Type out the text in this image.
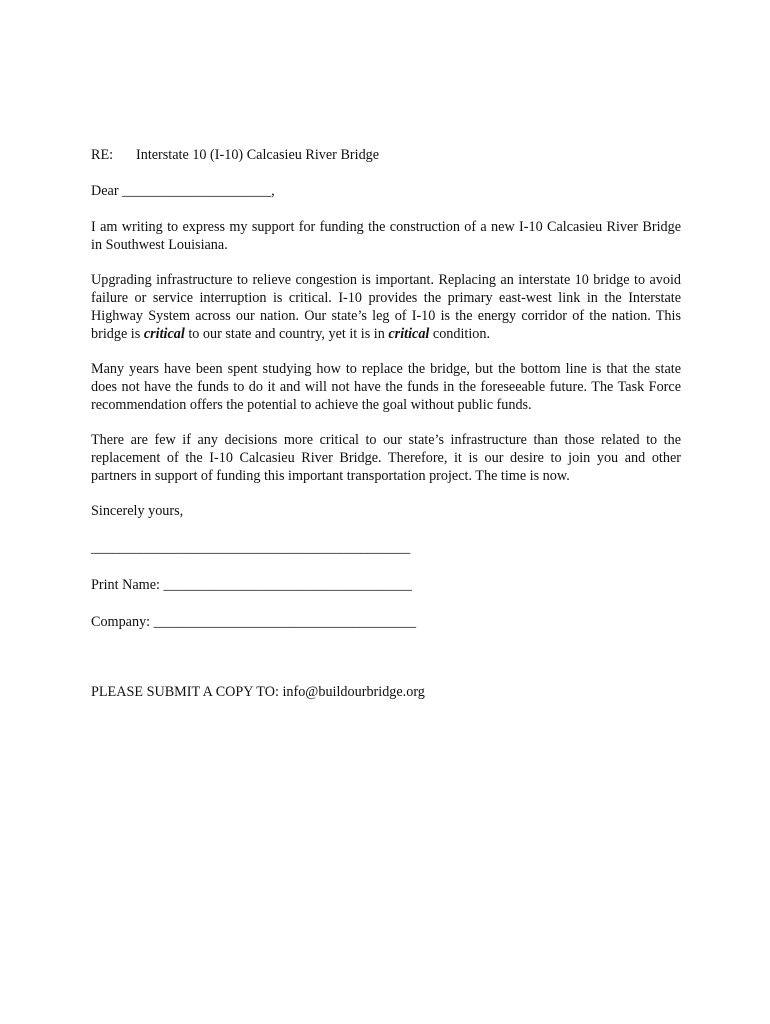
RE:	Interstate 10 (I-10) Calcasieu River Bridge

Dear _____________________,

I am writing to express my support for funding the construction of a new I-10 Calcasieu River Bridge in Southwest Louisiana.

Upgrading infrastructure to relieve congestion is important. Replacing an interstate 10 bridge to avoid failure or service interruption is critical. I-10 provides the primary east-west link in the Interstate Highway System across our nation. Our state’s leg of I-10 is the energy corridor of the nation. This bridge is critical to our state and country, yet it is in critical condition.

Many years have been spent studying how to replace the bridge, but the bottom line is that the state does not have the funds to do it and will not have the funds in the foreseeable future. The Task Force recommendation offers the potential to achieve the goal without public funds.

There are few if any decisions more critical to our state’s infrastructure than those related to the replacement of the I-10 Calcasieu River Bridge. Therefore, it is our desire to join you and other partners in support of funding this important transportation project. The time is now.

Sincerely yours,

_____________________________________________

Print Name: ___________________________________

Company: _____________________________________

PLEASE SUBMIT A COPY TO: info@buildourbridge.org
